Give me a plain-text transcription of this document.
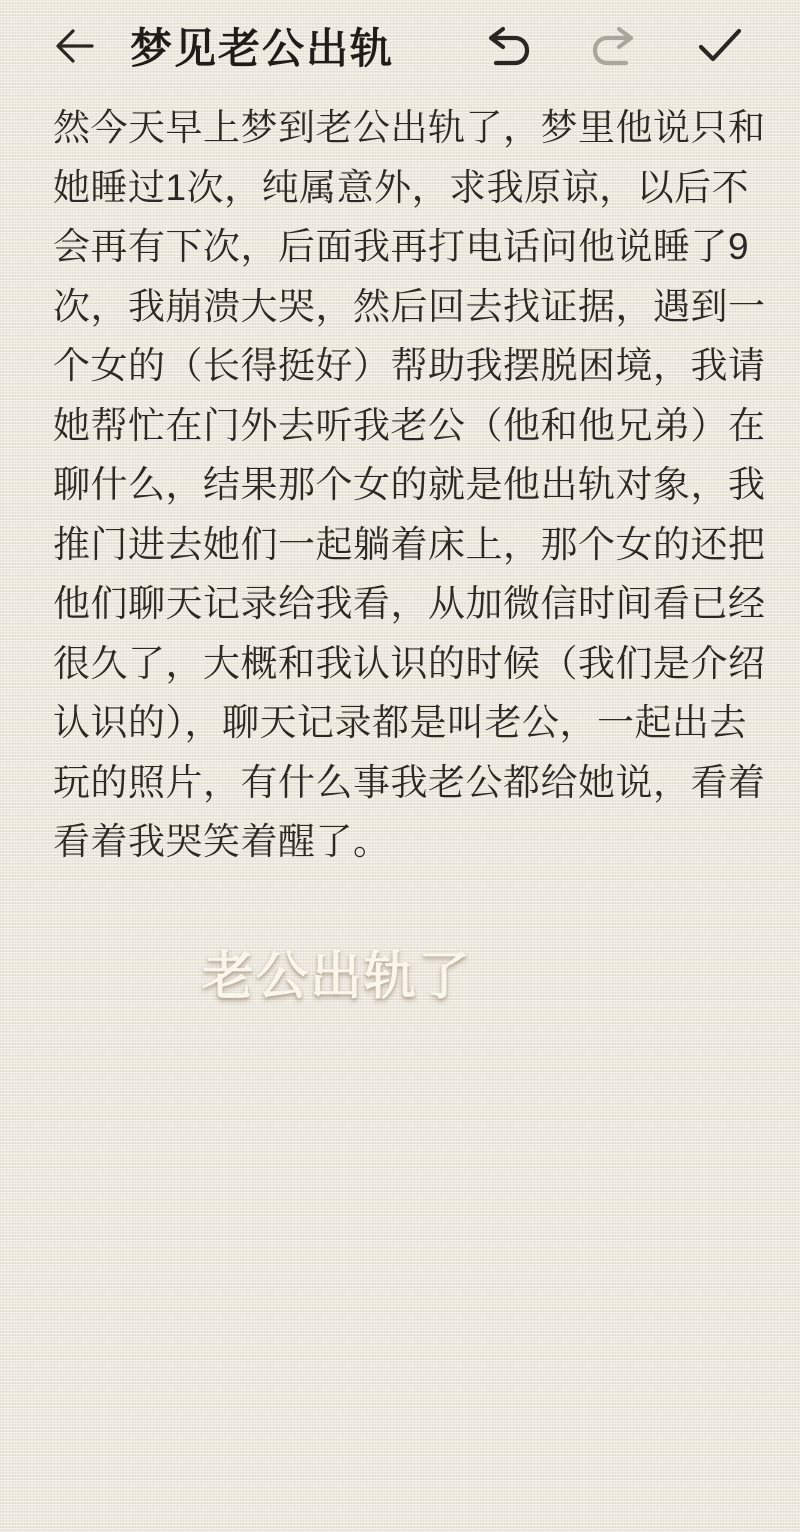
梦见老公出轨
然今天早上梦到老公出轨了，梦里他说只和
她睡过1次，纯属意外，求我原谅，以后不
会再有下次，后面我再打电话问他说睡了9
次，我崩溃大哭，然后回去找证据，遇到一
个女的（长得挺好）帮助我摆脱困境，我请
她帮忙在门外去听我老公（他和他兄弟）在
聊什么，结果那个女的就是他出轨对象，我
推门进去她们一起躺着床上，那个女的还把
他们聊天记录给我看，从加微信时间看已经
很久了，大概和我认识的时候（我们是介绍
认识的），聊天记录都是叫老公，一起出去
玩的照片，有什么事我老公都给她说，看着
看着我哭笑着醒了。
老公出轨了
